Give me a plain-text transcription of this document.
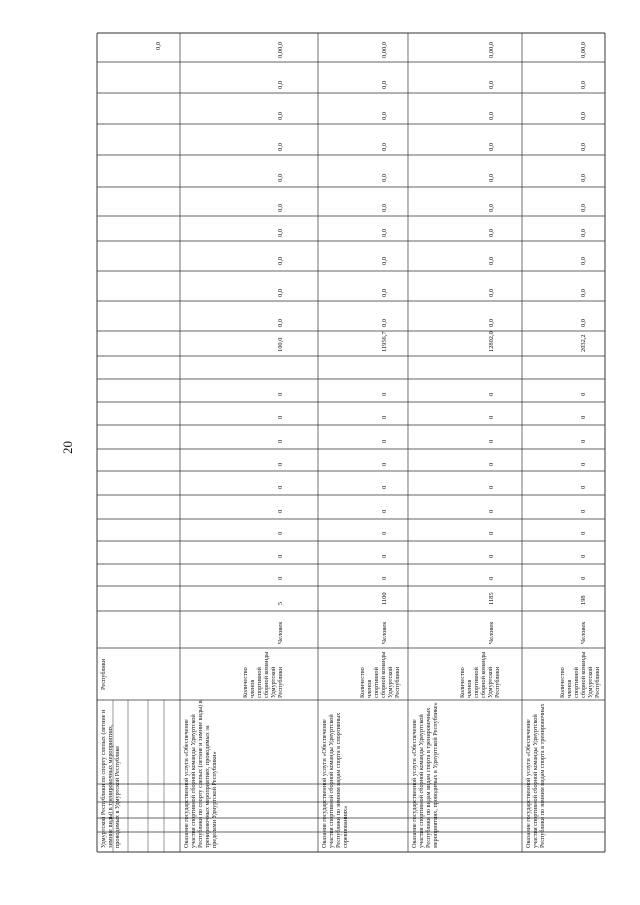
20
Республики
Удмуртской Республики по спорту слепых (летние и зимние виды) в тренировочных мероприятиях, проводимых в Удмуртской Республике
0,0
Оказание государственной услуги «Обеспечение участия спортивной сборной команды Удмуртской Республики по спорту слепых (летние и зимние виды) в тренировочных мероприятиях, проводимых за пределами Удмуртской Республики»
Количество членов спортивной сборной команды Удмуртской Республики
Человек
5
0
0
0
0
0
0
0
0
0
100,0
0,0
0,0
0,0
0,0
0,0
0,0
0,0
0,0
0,0
0,0
0,0
Оказание государственной услуги «Обеспечение участия спортивной сборной команды Удмуртской Республики по зимним видам спорта в спортивных соревнованиях»
Количество членов спортивной сборной команды Удмуртской Республики
Человек
1100
0
0
0
0
0
0
0
0
0
11956,7
0,0
0,0
0,0
0,0
0,0
0,0
0,0
0,0
0,0
0,0
0,0
Оказание государственной услуги «Обеспечение участия спортивной сборной команды Удмуртской Республики по видам видам спорта в тренировочных мероприятиях, проводимых в Удмуртской Республике»
Количество членов спортивной сборной команды Удмуртской Республики
Человек
1185
0
0
0
0
0
0
0
0
0
12802,0
0,0
0,0
0,0
0,0
0,0
0,0
0,0
0,0
0,0
0,0
0,0
Оказание государственной услуги «Обеспечение участия спортивной сборной команды Удмуртской Республики по зимним видам спорта в тренировочных
Количество членов спортивной сборной команды Удмуртской Республики
Человек
198
0
0
0
0
0
0
0
0
0
2032,2
0,0
0,0
0,0
0,0
0,0
0,0
0,0
0,0
0,0
0,0
0,0
